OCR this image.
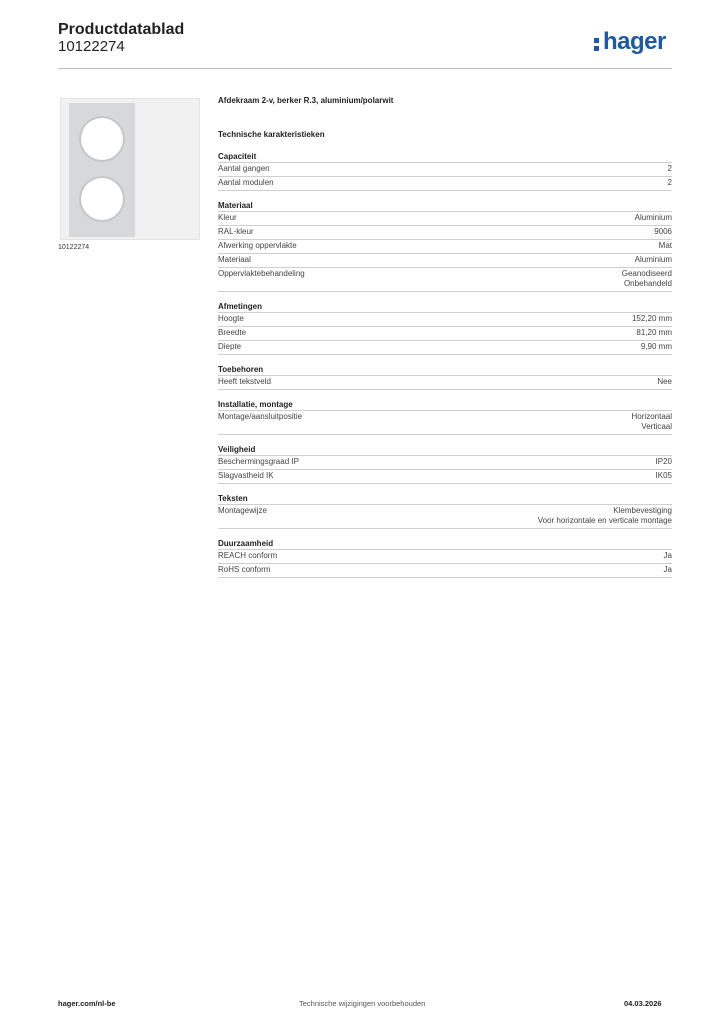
Productdatablad
10122274	hager
10122274
Afdekraam 2-v, berker R.3, aluminium/polarwit
Technische karakteristieken
Capaciteit
Aantal gangen	2
Aantal modulen	2
Materiaal
Kleur	Aluminium
RAL-kleur	9006
Afwerking oppervlakte	Mat
Materiaal	Aluminium
Oppervlaktebehandeling	Geanodiseerd
Onbehandeld
Afmetingen
Hoogte	152,20 mm
Breedte	81,20 mm
Diepte	9,90 mm
Toebehoren
Heeft tekstveld	Nee
Installatie, montage
Montage/aansluitpositie	Horizontaal
Verticaal
Veiligheid
Beschermingsgraad IP	IP20
Slagvastheid IK	IK05
Teksten
Montagewijze	Klembevestiging
Voor horizontale en verticale montage
Duurzaamheid
REACH conform	Ja
RoHS conform	Ja
hager.com/nl-be	Technische wijzigingen voorbehouden	04.03.2026
